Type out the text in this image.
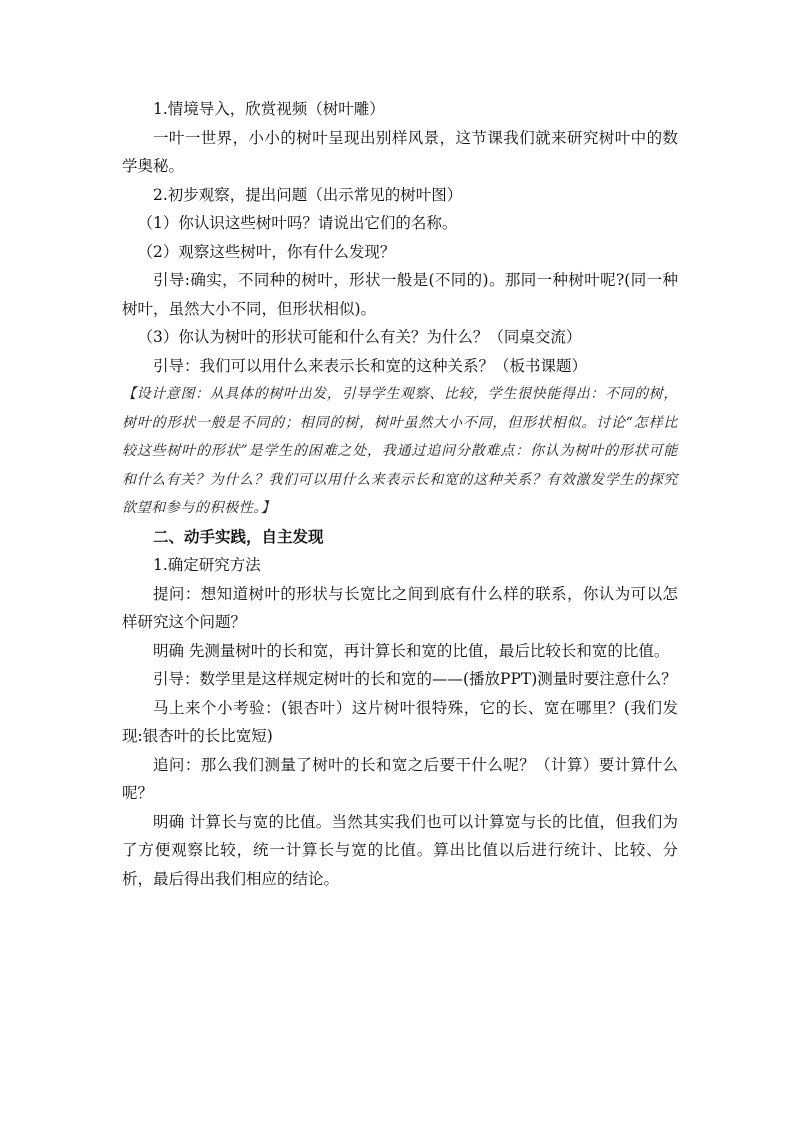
1.情境导入，欣赏视频（树叶雕）

一叶一世界，小小的树叶呈现出别样风景，这节课我们就来研究树叶中的数学奥秘。

2.初步观察，提出问题（出示常见的树叶图）

（1）你认识这些树叶吗？请说出它们的名称。

（2）观察这些树叶，你有什么发现？

引导:确实，不同种的树叶，形状一般是(不同的)。那同一种树叶呢?(同一种树叶，虽然大小不同，但形状相似)。

（3）你认为树叶的形状可能和什么有关？为什么？（同桌交流）

引导：我们可以用什么来表示长和宽的这种关系？（板书课题）

【设计意图：从具体的树叶出发，引导学生观察、比较，学生很快能得出：不同的树，树叶的形状一般是不同的；相同的树，树叶虽然大小不同，但形状相似。讨论“怎样比较这些树叶的形状”是学生的困难之处，我通过追问分散难点：你认为树叶的形状可能和什么有关？为什么？我们可以用什么来表示长和宽的这种关系？有效激发学生的探究欲望和参与的积极性。】

二、动手实践，自主发现

1.确定研究方法

提问：想知道树叶的形状与长宽比之间到底有什么样的联系，你认为可以怎样研究这个问题？

明确 先测量树叶的长和宽，再计算长和宽的比值，最后比较长和宽的比值。

引导：数学里是这样规定树叶的长和宽的——(播放PPT)测量时要注意什么？

马上来个小考验：(银杏叶）这片树叶很特殊，它的长、宽在哪里？(我们发现:银杏叶的长比宽短)

追问：那么我们测量了树叶的长和宽之后要干什么呢？（计算）要计算什么呢？

明确 计算长与宽的比值。当然其实我们也可以计算宽与长的比值，但我们为了方便观察比较，统一计算长与宽的比值。算出比值以后进行统计、比较、分析，最后得出我们相应的结论。
